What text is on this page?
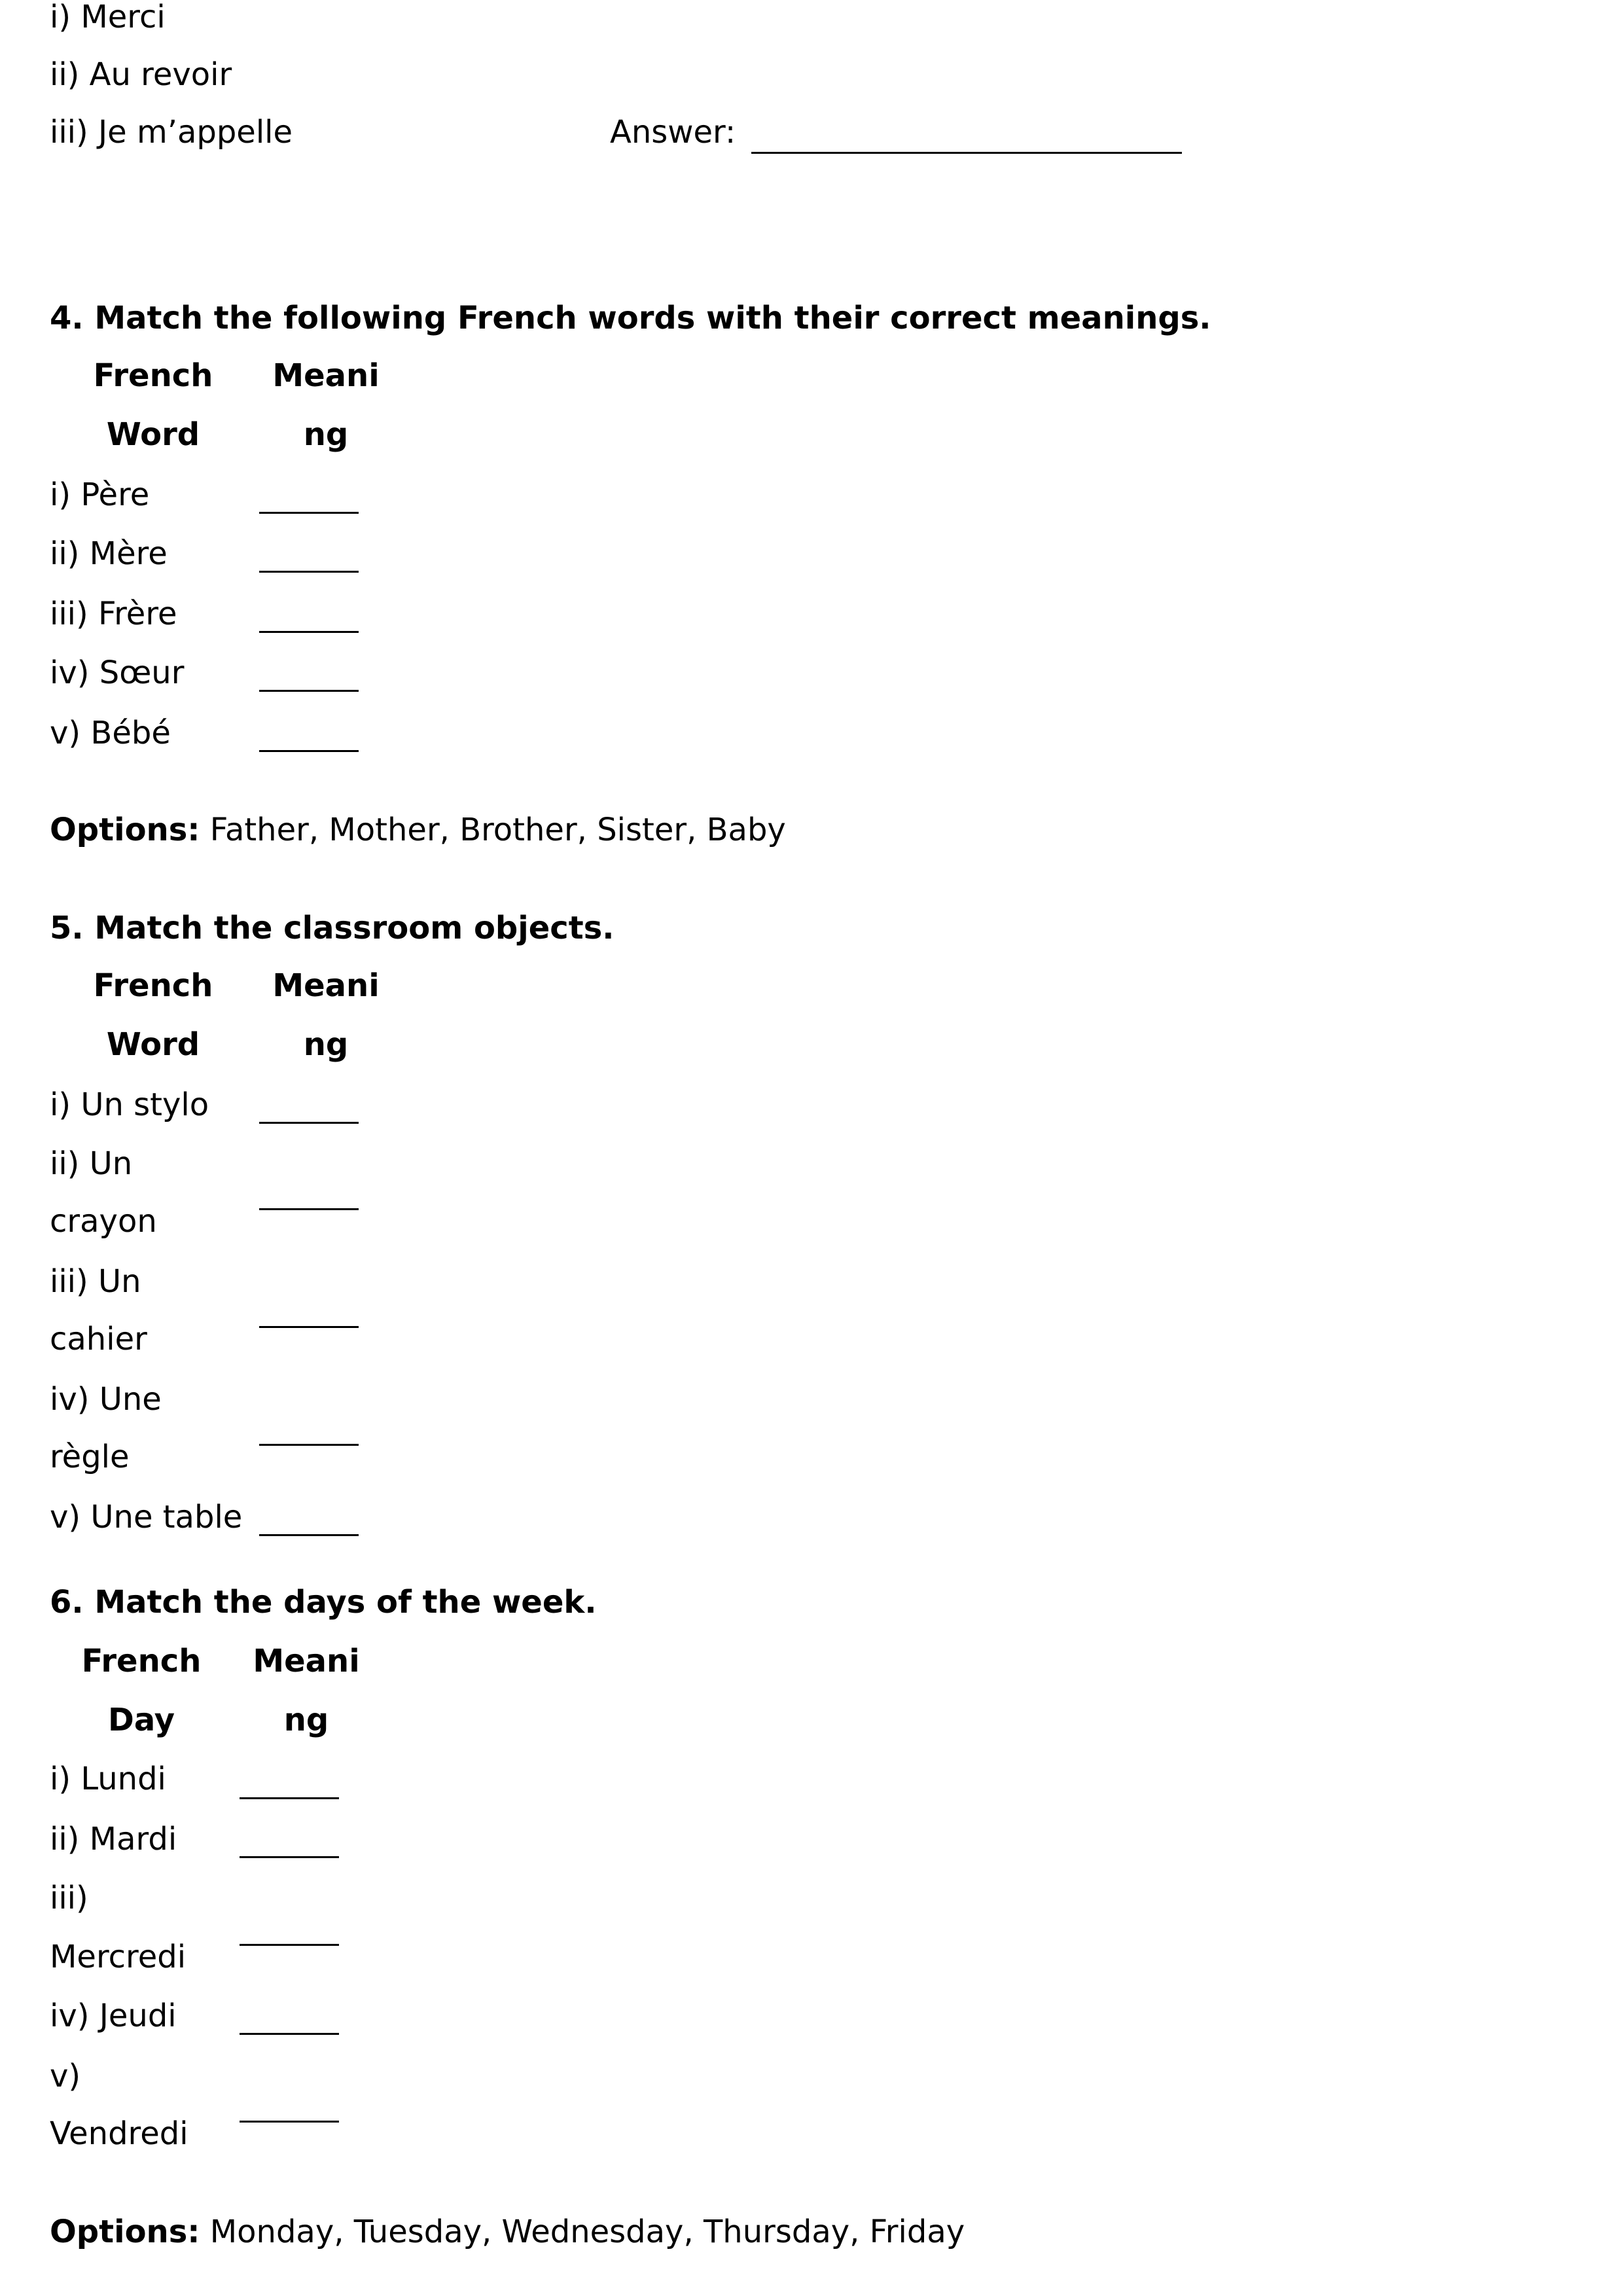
i) Merci
ii) Au revoir
iii) Je m’appelle	Answer:
4. Match the following French words with their correct meanings.
French
Word
Meani
ng
i) Père
ii) Mère
iii) Frère
iv) Sœur
v) Bébé
Options: Father, Mother, Brother, Sister, Baby
5. Match the classroom objects.
French
Word
Meani
ng
i) Un stylo
ii) Un
crayon
iii) Un
cahier
iv) Une
règle
v) Une table
6. Match the days of the week.
French
Day
Meani
ng
i) Lundi
ii) Mardi
iii)
Mercredi
iv) Jeudi
v)
Vendredi
Options: Monday, Tuesday, Wednesday, Thursday, Friday
